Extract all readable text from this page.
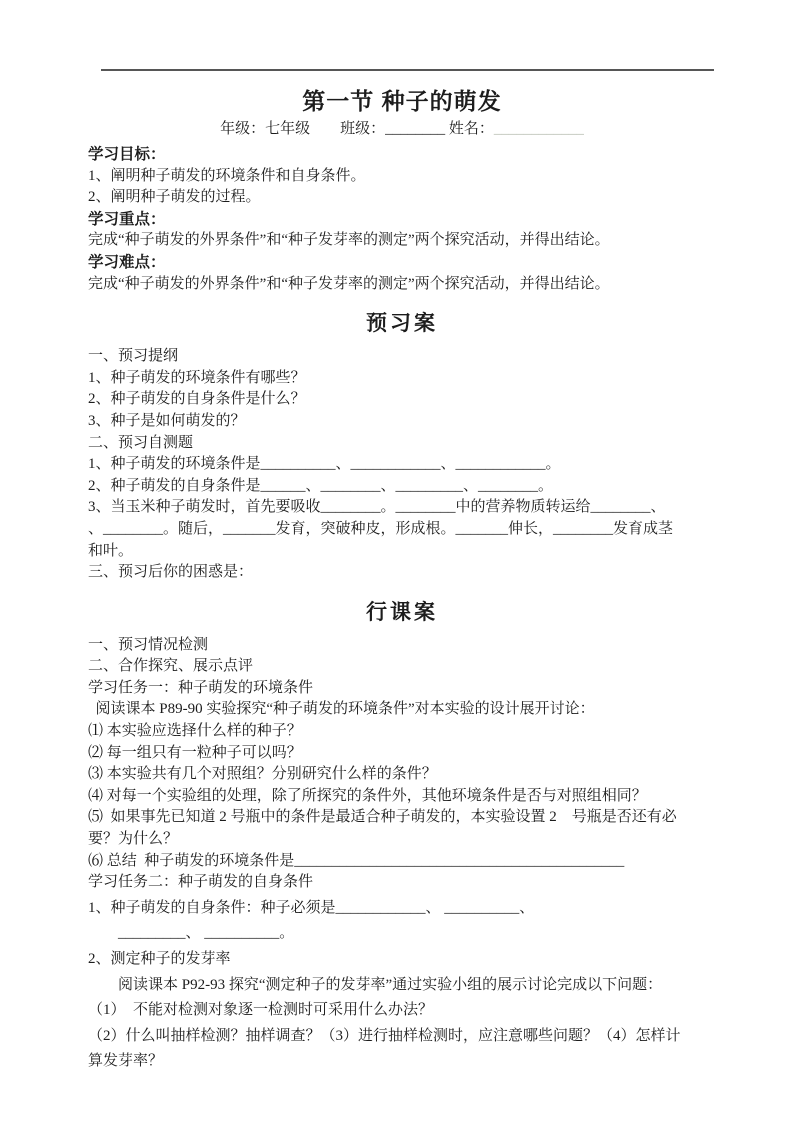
第一节 种子的萌发
年级：七年级 班级：________ 姓名：____________
学习目标：
1、阐明种子萌发的环境条件和自身条件。
2、阐明种子萌发的过程。
学习重点：
完成“种子萌发的外界条件”和“种子发芽率的测定”两个探究活动，并得出结论。
学习难点：
完成“种子萌发的外界条件”和“种子发芽率的测定”两个探究活动，并得出结论。
预习案
一、预习提纲
1、种子萌发的环境条件有哪些？
2、种子萌发的自身条件是什么？
3、种子是如何萌发的？
二、预习自测题
1、种子萌发的环境条件是__________、____________、____________。
2、种子萌发的自身条件是______、________、_________、________。
3、当玉米种子萌发时，首先要吸收________。________中的营养物质转运给________、
、________。随后，_______发育，突破种皮，形成根。_______伸长，________发育成茎
和叶。
三、预习后你的困惑是：
行课案
一、预习情况检测
二、合作探究、展示点评
学习任务一：种子萌发的环境条件
阅读课本 P89-90 实验探究“种子萌发的环境条件”对本实验的设计展开讨论：
⑴ 本实验应选择什么样的种子？
⑵ 每一组只有一粒种子可以吗？
⑶ 本实验共有几个对照组？分别研究什么样的条件？
⑷ 对每一个实验组的处理，除了所探究的条件外，其他环境条件是否与对照组相同？
⑸  如果事先已知道 2 号瓶中的条件是最适合种子萌发的，本实验设置 2　号瓶是否还有必
要？为什么？
⑹ 总结  种子萌发的环境条件是____________________________________________
学习任务二：种子萌发的自身条件
1、种子萌发的自身条件：种子必须是____________、 __________、
　　_________、 __________。
2、测定种子的发芽率
　　阅读课本 P92-93 探究“测定种子的发芽率”通过实验小组的展示讨论完成以下问题：
（1）  不能对检测对象逐一检测时可采用什么办法？
（2）什么叫抽样检测？抽样调查？（3）进行抽样检测时，应注意哪些问题？（4）怎样计
算发芽率？
